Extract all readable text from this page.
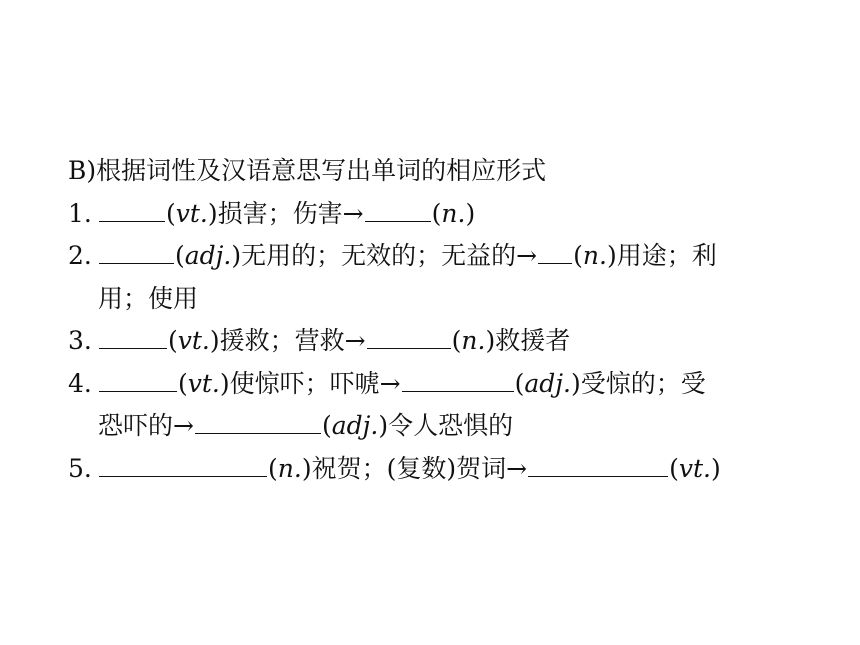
B)根据词性及汉语意思写出单词的相应形式
1.	(vt.)损害；伤害→	(n.)
2.	(adj.)无用的；无效的；无益的→ (n.)用途；利
用；使用
3.	(vt.)援救；营救→	(n.)救援者
4.	(vt.)使惊吓；吓唬→	(adj.)受惊的；受
恐吓的→	(adj.)令人恐惧的
5.	(n.)祝贺；(复数)贺词→	(vt.)
